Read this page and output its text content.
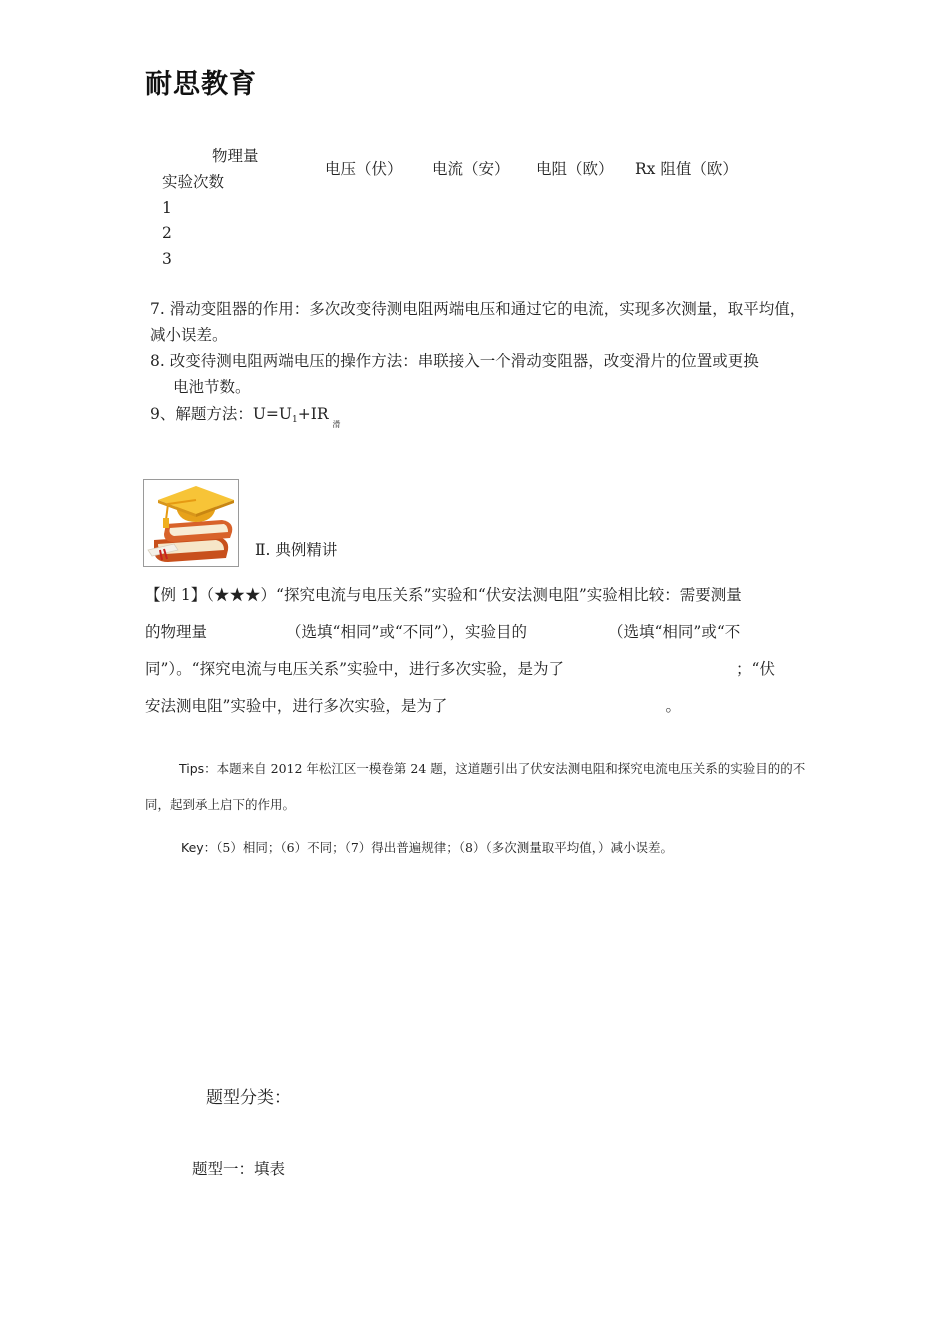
耐思教育
物理量
实验次数
电压（伏） 电流（安） 电阻（欧） Rx 阻值（欧）
1
2
3
7. 滑动变阻器的作用：多次改变待测电阻两端电压和通过它的电流，实现多次测量，取平均值，减小误差。
8. 改变待测电阻两端电压的操作方法：串联接入一个滑动变阻器，改变滑片的位置或更换
电池节数。
9、解题方法：$U=U_1+IR_滑$
Ⅱ. 典例精讲
【例 1】（★★★）“探究电流与电压关系”实验和“伏安法测电阻”实验相比较：需要测量
的物理量	（选填“相同”或“不同”），实验目的	（选填“相同”或“不
同”）。“探究电流与电压关系”实验中，进行多次实验，是为了	；“伏
安法测电阻”实验中，进行多次实验，是为了	。
Tips：本题来自 2012 年松江区一模卷第 24 题，这道题引出了伏安法测电阻和探究电流电压关系的实验目的的不同，起到承上启下的作用。
Key：（5）相同；（6）不同；（7）得出普遍规律；（8）（多次测量取平均值，）减小误差。
题型分类：
题型一：填表
